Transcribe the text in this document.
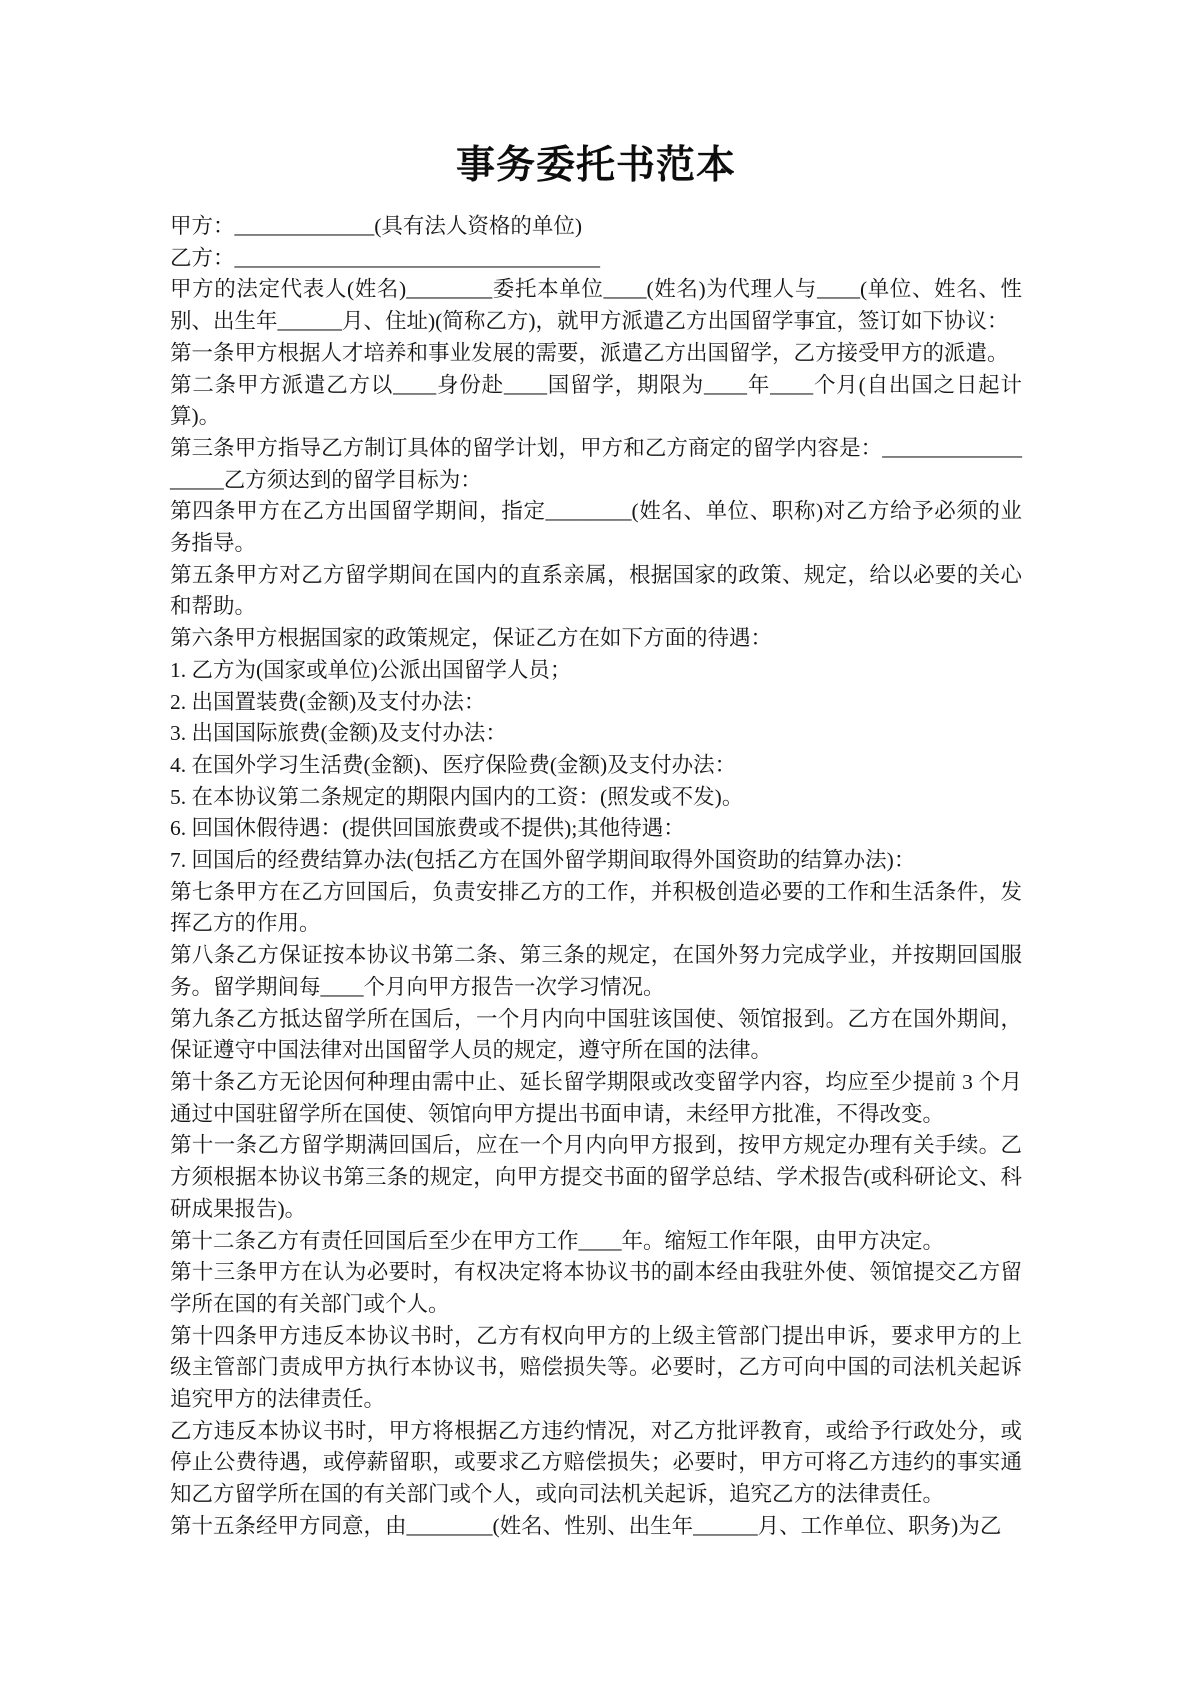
事务委托书范本

甲方：_____________(具有法人资格的单位)

乙方：__________________________________

甲方的法定代表人(姓名)________委托本单位____(姓名)为代理人与____(单位、姓名、性别、出生年______月、住址)(简称乙方)，就甲方派遣乙方出国留学事宜，签订如下协议：

第一条甲方根据人才培养和事业发展的需要，派遣乙方出国留学，乙方接受甲方的派遣。

第二条甲方派遣乙方以____身份赴____国留学，期限为____年____个月(自出国之日起计算)。

第三条甲方指导乙方制订具体的留学计划，甲方和乙方商定的留学内容是：__________________乙方须达到的留学目标为：

第四条甲方在乙方出国留学期间，指定________(姓名、单位、职称)对乙方给予必须的业务指导。

第五条甲方对乙方留学期间在国内的直系亲属，根据国家的政策、规定，给以必要的关心和帮助。

第六条甲方根据国家的政策规定，保证乙方在如下方面的待遇：

1. 乙方为(国家或单位)公派出国留学人员；

2. 出国置装费(金额)及支付办法：

3. 出国国际旅费(金额)及支付办法：

4. 在国外学习生活费(金额)、医疗保险费(金额)及支付办法：

5. 在本协议第二条规定的期限内国内的工资：(照发或不发)。

6. 回国休假待遇：(提供回国旅费或不提供);其他待遇：

7. 回国后的经费结算办法(包括乙方在国外留学期间取得外国资助的结算办法)：

第七条甲方在乙方回国后，负责安排乙方的工作，并积极创造必要的工作和生活条件，发挥乙方的作用。

第八条乙方保证按本协议书第二条、第三条的规定，在国外努力完成学业，并按期回国服务。留学期间每____个月向甲方报告一次学习情况。

第九条乙方抵达留学所在国后，一个月内向中国驻该国使、领馆报到。乙方在国外期间，保证遵守中国法律对出国留学人员的规定，遵守所在国的法律。

第十条乙方无论因何种理由需中止、延长留学期限或改变留学内容，均应至少提前 3 个月通过中国驻留学所在国使、领馆向甲方提出书面申请，未经甲方批准，不得改变。

第十一条乙方留学期满回国后，应在一个月内向甲方报到，按甲方规定办理有关手续。乙方须根据本协议书第三条的规定，向甲方提交书面的留学总结、学术报告(或科研论文、科研成果报告)。

第十二条乙方有责任回国后至少在甲方工作____年。缩短工作年限，由甲方决定。

第十三条甲方在认为必要时，有权决定将本协议书的副本经由我驻外使、领馆提交乙方留学所在国的有关部门或个人。

第十四条甲方违反本协议书时，乙方有权向甲方的上级主管部门提出申诉，要求甲方的上级主管部门责成甲方执行本协议书，赔偿损失等。必要时，乙方可向中国的司法机关起诉追究甲方的法律责任。

乙方违反本协议书时，甲方将根据乙方违约情况，对乙方批评教育，或给予行政处分，或停止公费待遇，或停薪留职，或要求乙方赔偿损失；必要时，甲方可将乙方违约的事实通知乙方留学所在国的有关部门或个人，或向司法机关起诉，追究乙方的法律责任。

第十五条经甲方同意，由________(姓名、性别、出生年______月、工作单位、职务)为乙
